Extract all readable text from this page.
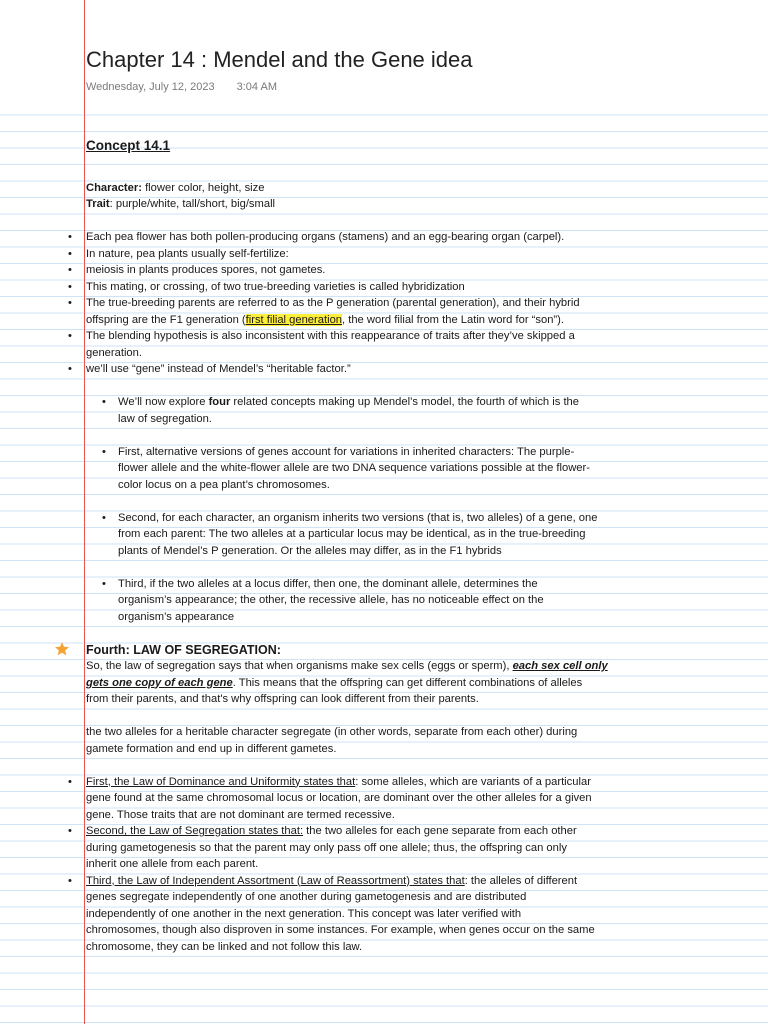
Chapter 14 : Mendel and the Gene idea
Wednesday, July 12, 2023 3:04 AM
Concept 14.1
Character: flower color, height, size
Trait: purple/white, tall/short, big/small
• Each pea flower has both pollen-producing organs (stamens) and an egg-bearing organ (carpel).
• In nature, pea plants usually self-fertilize:
• meiosis in plants produces spores, not gametes.
• This mating, or crossing, of two true-breeding varieties is called hybridization
• The true-breeding parents are referred to as the P generation (parental generation), and their hybrid
offspring are the F1 generation (first filial generation, the word filial from the Latin word for “son”).
• The blending hypothesis is also inconsistent with this reappearance of traits after they’ve skipped a
generation.
• we’ll use “gene” instead of Mendel’s “heritable factor.”
• We’ll now explore four related concepts making up Mendel’s model, the fourth of which is the
law of segregation.
• First, alternative versions of genes account for variations in inherited characters: The purple-
flower allele and the white-flower allele are two DNA sequence variations possible at the flower-
color locus on a pea plant’s chromosomes.
• Second, for each character, an organism inherits two versions (that is, two alleles) of a gene, one
from each parent: The two alleles at a particular locus may be identical, as in the true-breeding
plants of Mendel’s P generation. Or the alleles may differ, as in the F1 hybrids
• Third, if the two alleles at a locus differ, then one, the dominant allele, determines the
organism’s appearance; the other, the recessive allele, has no noticeable effect on the
organism’s appearance
Fourth: LAW OF SEGREGATION:
So, the law of segregation says that when organisms make sex cells (eggs or sperm), each sex cell only
gets one copy of each gene. This means that the offspring can get different combinations of alleles
from their parents, and that's why offspring can look different from their parents.
the two alleles for a heritable character segregate (in other words, separate from each other) during
gamete formation and end up in different gametes.
• First, the Law of Dominance and Uniformity states that: some alleles, which are variants of a particular
gene found at the same chromosomal locus or location, are dominant over the other alleles for a given
gene. Those traits that are not dominant are termed recessive.
• Second, the Law of Segregation states that: the two alleles for each gene separate from each other
during gametogenesis so that the parent may only pass off one allele; thus, the offspring can only
inherit one allele from each parent.
• Third, the Law of Independent Assortment (Law of Reassortment) states that: the alleles of different
genes segregate independently of one another during gametogenesis and are distributed
independently of one another in the next generation. This concept was later verified with
chromosomes, though also disproven in some instances. For example, when genes occur on the same
chromosome, they can be linked and not follow this law.
